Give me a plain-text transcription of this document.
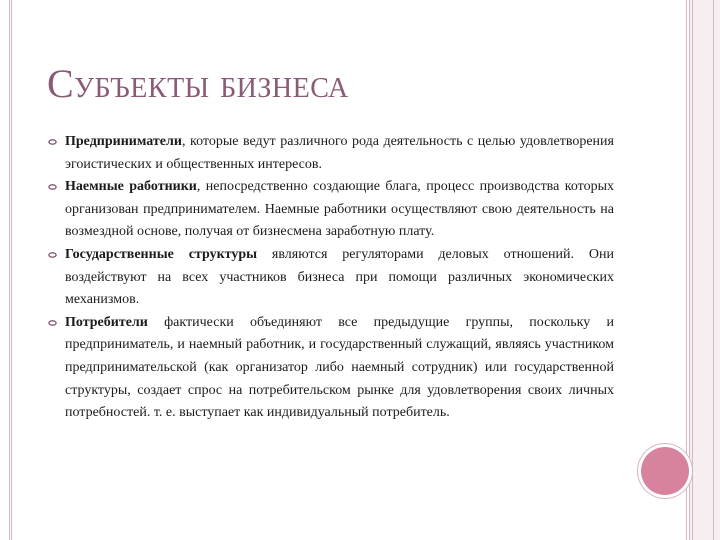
Субъекты бизнеса
Предприниматели, которые ведут различного рода деятельность с целью удовлетворения эгоистических и общественных интересов.
Наемные работники, непосредственно создающие блага, процесс производства которых организован предпринимателем. Наемные работники осуществляют свою деятельность на возмездной основе, получая от бизнесмена заработную плату.
Государственные структуры являются регуляторами деловых отношений. Они воздействуют на всех участников бизнеса при помощи различных экономических механизмов.
Потребители фактически объединяют все предыдущие группы, поскольку и предприниматель, и наемный работник, и государственный служащий, являясь участником предпринимательской (как организатор либо наемный сотрудник) или государственной структуры, создает спрос на потребительском рынке для удовлетворения своих личных потребностей. т. е. выступает как индивидуальный потребитель.
